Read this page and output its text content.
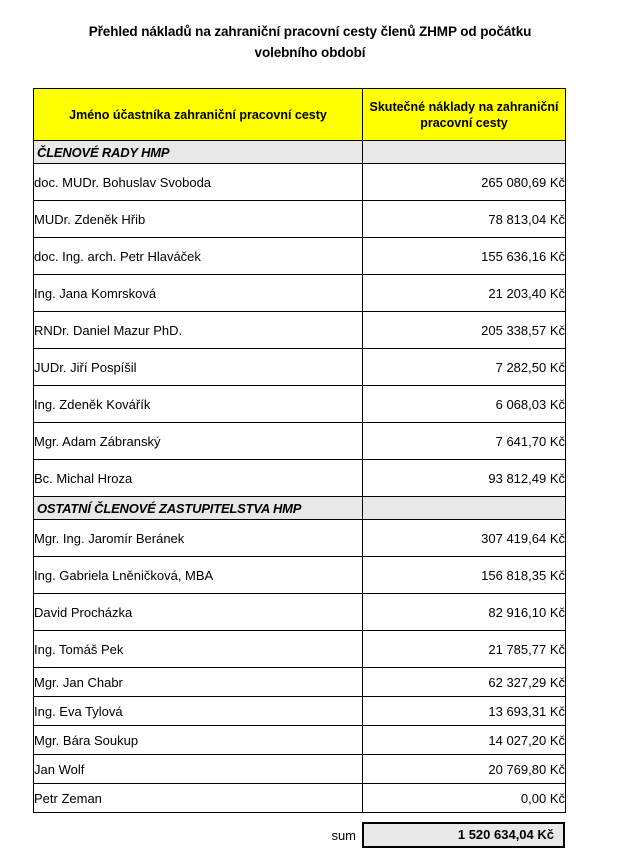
Přehled nákladů na zahraniční pracovní cesty členů ZHMP od počátku volebního období
Jméno účastníka zahraniční pracovní cesty	Skutečné náklady na zahraniční pracovní cesty
ČLENOVÉ RADY HMP	
doc. MUDr. Bohuslav Svoboda	265 080,69 Kč
MUDr. Zdeněk Hřib	78 813,04 Kč
doc. Ing. arch. Petr Hlaváček	155 636,16 Kč
Ing. Jana Komrsková	21 203,40 Kč
RNDr. Daniel Mazur PhD.	205 338,57 Kč
JUDr. Jiří Pospíšil	7 282,50 Kč
Ing. Zdeněk Kovářík	6 068,03 Kč
Mgr. Adam Zábranský	7 641,70 Kč
Bc. Michal Hroza	93 812,49 Kč
OSTATNÍ ČLENOVÉ ZASTUPITELSTVA HMP	
Mgr. Ing. Jaromír Beránek	307 419,64 Kč
Ing. Gabriela Lněničková, MBA	156 818,35 Kč
David Procházka	82 916,10 Kč
Ing. Tomáš Pek	21 785,77 Kč
Mgr. Jan Chabr	62 327,29 Kč
Ing. Eva Tylová	13 693,31 Kč
Mgr. Bára Soukup	14 027,20 Kč
Jan Wolf	20 769,80 Kč
Petr Zeman	0,00 Kč
sum	1 520 634,04 Kč
